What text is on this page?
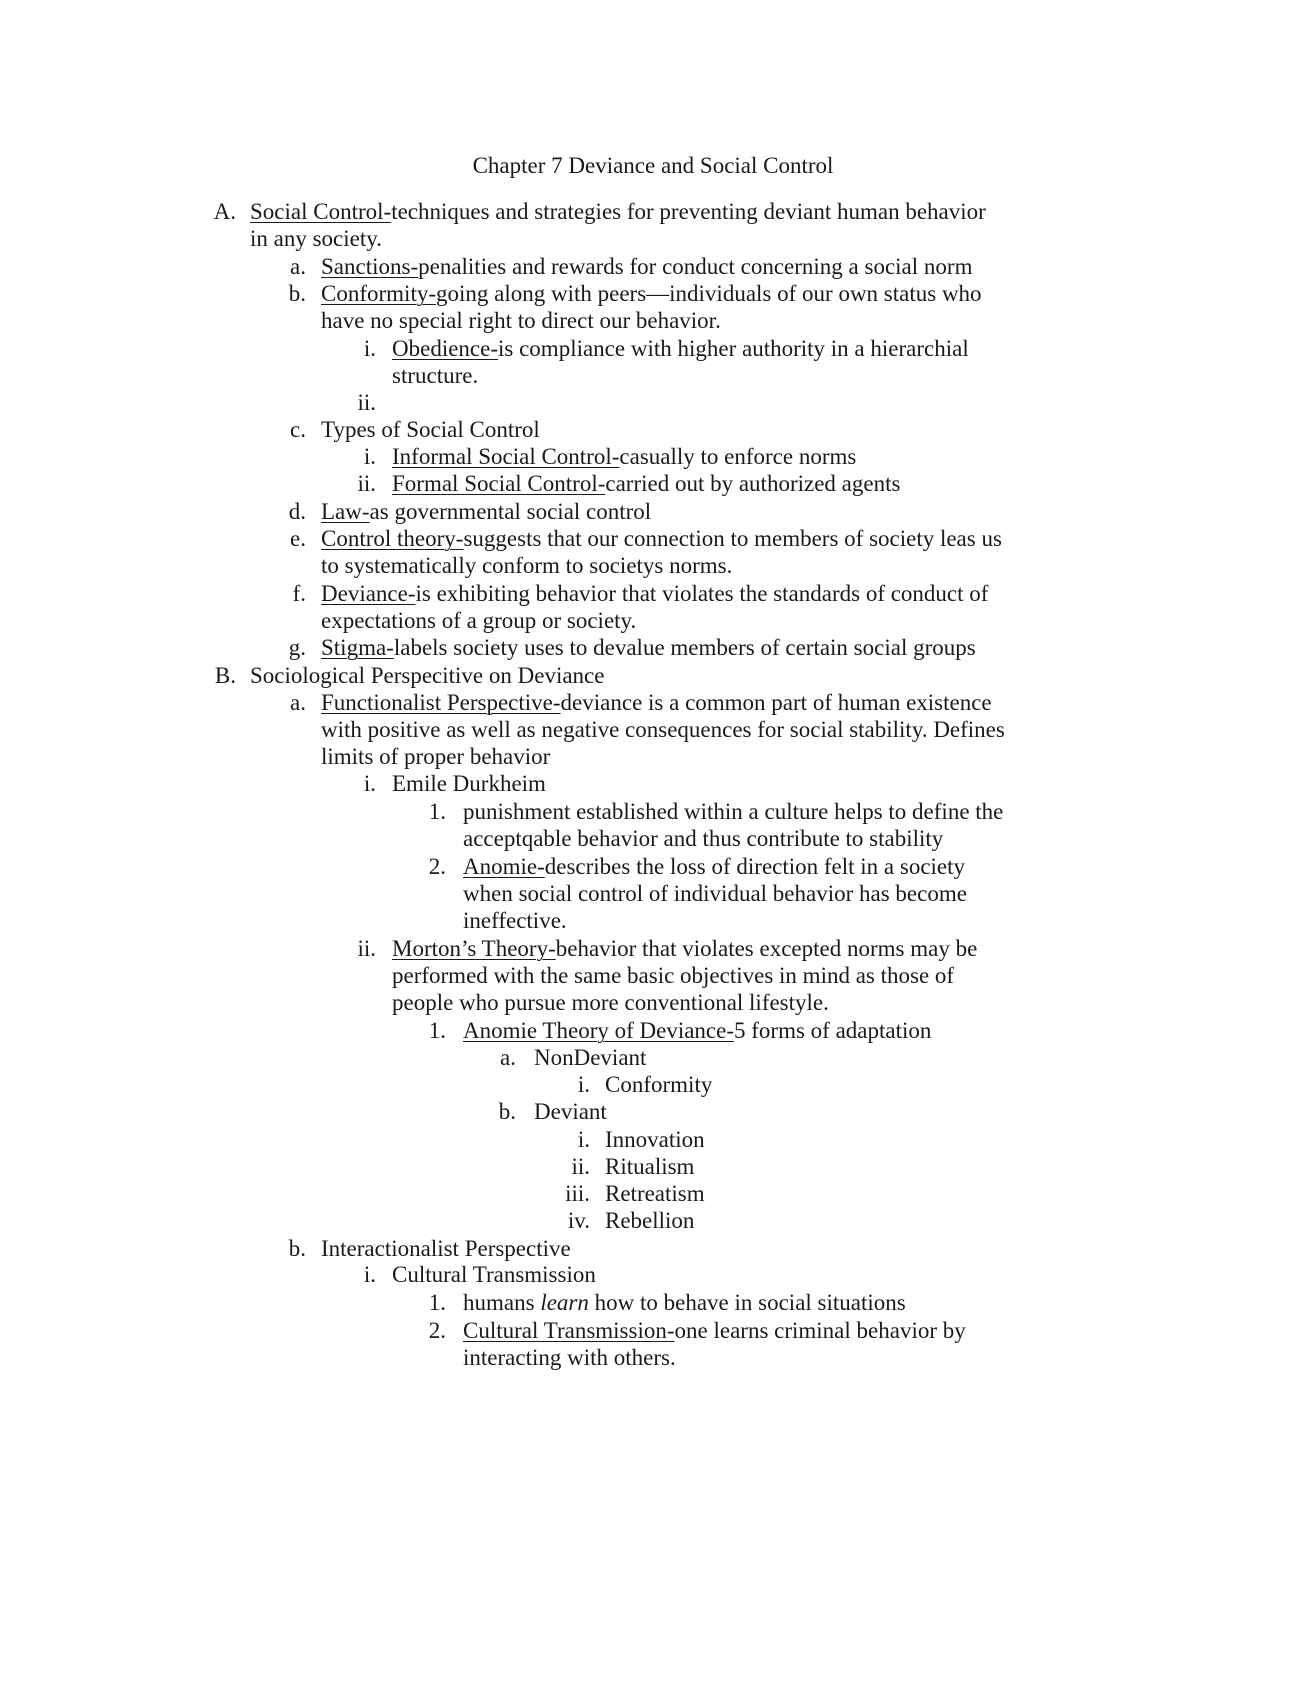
Chapter 7 Deviance and Social Control
A. Social Control-techniques and strategies for preventing deviant human behavior
in any society.
a. Sanctions-penalities and rewards for conduct concerning a social norm
b. Conformity-going along with peers—individuals of our own status who
have no special right to direct our behavior.
i. Obedience-is compliance with higher authority in a hierarchial
structure.
ii.
c. Types of Social Control
i. Informal Social Control-casually to enforce norms
ii. Formal Social Control-carried out by authorized agents
d. Law-as governmental social control
e. Control theory-suggests that our connection to members of society leas us
to systematically conform to societys norms.
f. Deviance-is exhibiting behavior that violates the standards of conduct of
expectations of a group or society.
g. Stigma-labels society uses to devalue members of certain social groups
B. Sociological Perspecitive on Deviance
a. Functionalist Perspective-deviance is a common part of human existence
with positive as well as negative consequences for social stability. Defines
limits of proper behavior
i. Emile Durkheim
1. punishment established within a culture helps to define the
acceptqable behavior and thus contribute to stability
2. Anomie-describes the loss of direction felt in a society
when social control of individual behavior has become
ineffective.
ii. Morton’s Theory-behavior that violates excepted norms may be
performed with the same basic objectives in mind as those of
people who pursue more conventional lifestyle.
1. Anomie Theory of Deviance-5 forms of adaptation
a. NonDeviant
i. Conformity
b. Deviant
i. Innovation
ii. Ritualism
iii. Retreatism
iv. Rebellion
b. Interactionalist Perspective
i. Cultural Transmission
1. humans learn how to behave in social situations
2. Cultural Transmission-one learns criminal behavior by
interacting with others.
